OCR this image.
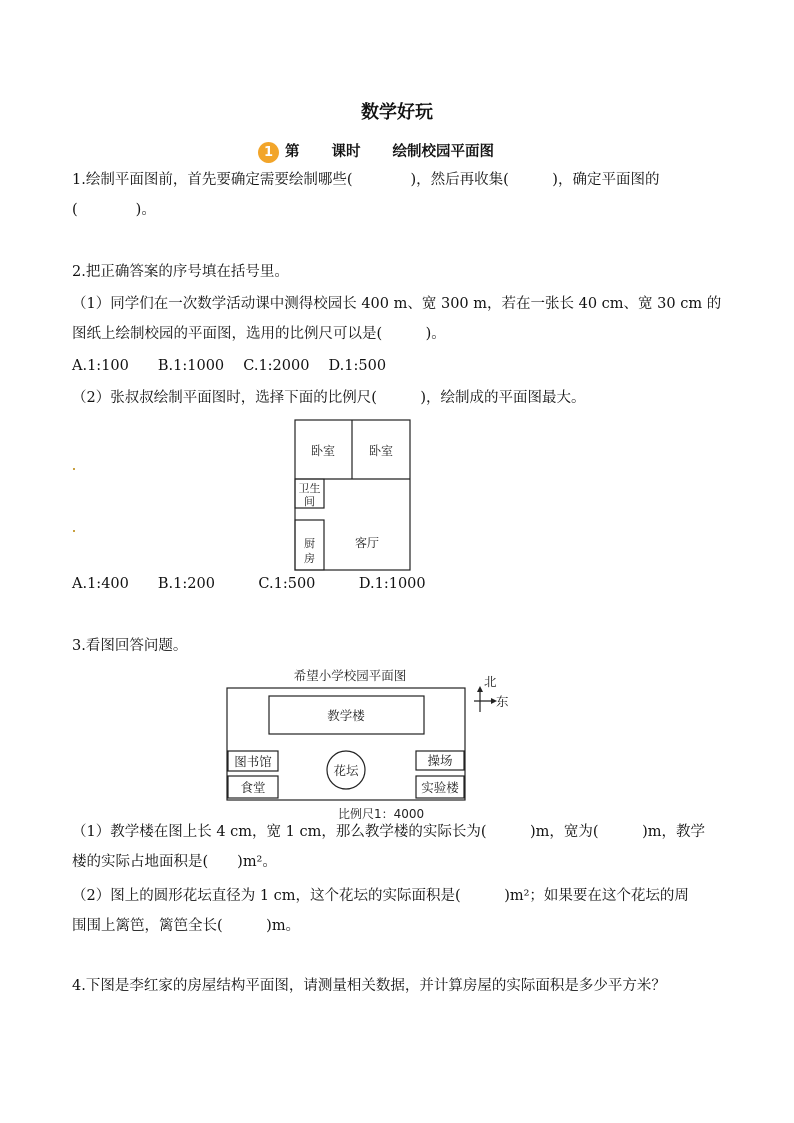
数学好玩
1 第 课时 绘制校园平面图
1.绘制平面图前，首先要确定需要绘制哪些(　　　　)，然后再收集(　　　)，确定平面图的
(　　　　)。
2.把正确答案的序号填在括号里。
（1）同学们在一次数学活动课中测得校园长 400 m、宽 300 m，若在一张长 40 cm、宽 30 cm 的
图纸上绘制校园的平面图，选用的比例尺可以是(　　　)。
A.1:100　　B.1:1000　 C.1:2000　 D.1:500
（2）张叔叔绘制平面图时，选择下面的比例尺(　　　)，绘制成的平面图最大。
卧室	卧室
卫生
间
厨
房
客厅
A.1:400　　B.1:200　　　C.1:500　　　D.1:1000
3.看图回答问题。
希望小学校园平面图	北
东
教学楼
图书馆
食堂
花坛
操场
实验楼
比例尺1：4000
（1）教学楼在图上长 4 cm，宽 1 cm，那么教学楼的实际长为(　　　)m，宽为(　　　)m，教学
楼的实际占地面积是(　　)m²。
（2）图上的圆形花坛直径为 1 cm，这个花坛的实际面积是(　　　)m²；如果要在这个花坛的周
围围上篱笆，篱笆全长(　　　)m。
4.下图是李红家的房屋结构平面图，请测量相关数据，并计算房屋的实际面积是多少平方米？
